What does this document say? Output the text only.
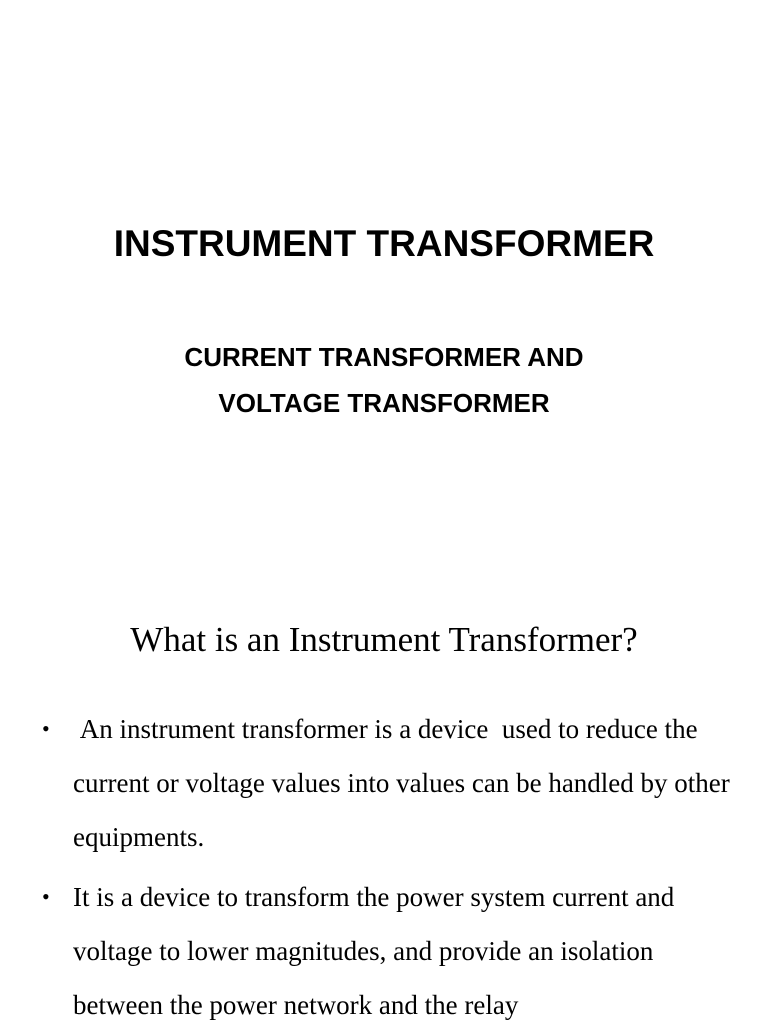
INSTRUMENT TRANSFORMER
CURRENT TRANSFORMER AND
VOLTAGE TRANSFORMER
What is an Instrument Transformer?
• An instrument transformer is a device  used to reduce the current or voltage values into values can be handled by other equipments.
• It is a device to transform the power system current and voltage to lower magnitudes, and provide an isolation between the power network and the relay
